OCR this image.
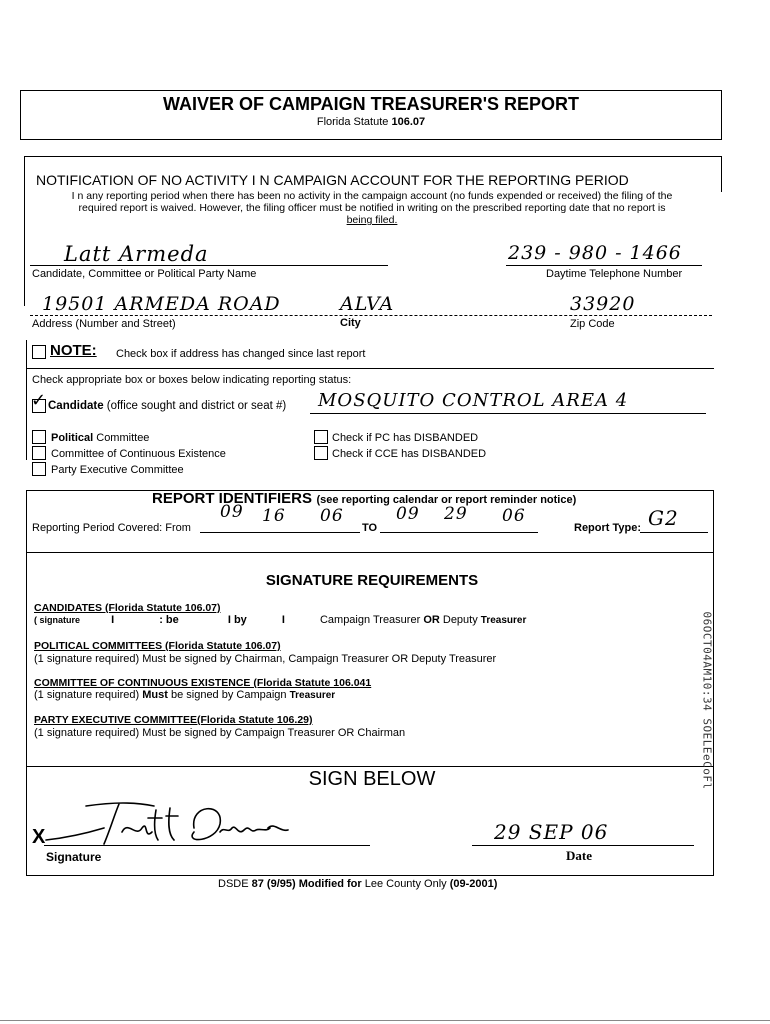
WAIVER OF CAMPAIGN TREASURER'S REPORT
Florida Statute 106.07
NOTIFICATION OF NO ACTIVITY I N CAMPAIGN ACCOUNT FOR THE REPORTING PERIOD
I n any reporting period when there has been no activity in the campaign account (no funds expended or received) the filing of the
required report is waived. However, the filing officer must be notified in writing on the prescribed reporting date that no report is
being filed.
Latt Armeda
Candidate, Committee or Political Party Name
239 - 980 - 1466
Daytime Telephone Number
19501 ARMEDA ROAD	ALVA	33920
Address (Number and Street)	City	Zip Code
NOTE: Check box if address has changed since last report
Check appropriate box or boxes below indicating reporting status:
✓ Candidate (office sought and district or seat #) MOSQUITO CONTROL AREA 4
Political Committee
Committee of Continuous Existence
Party Executive Committee
Check if PC has DISBANDED
Check if CCE has DISBANDED
REPORT IDENTIFIERS (see reporting calendar or report reminder notice)
Reporting Period Covered: From
09 16 06
TO
09 29 06
Report Type: G2
SIGNATURE REQUIREMENTS
CANDIDATES (Florida Statute 106.07)
( signature	I	: be	I by	I	Campaign Treasurer OR Deputy Treasurer
POLITICAL COMMITTEES (Florida Statute 106.07)
(1 signature required) Must be signed by Chairman, Campaign Treasurer OR Deputy Treasurer
COMMITTEE OF CONTINUOUS EXISTENCE (Florida Statute 106.041
(1 signature required) Must be signed by Campaign Treasurer
PARTY EXECUTIVE COMMITTEE(Florida Statute 106.29)
(1 signature required) Must be signed by Campaign Treasurer OR Chairman
SIGN BELOW
X
Signature
29 SEP 06
Date
DSDE 87 (9/95) Modified for Lee County Only (09-2001)
06OCT04AM10:34 SOELEeCoFl
